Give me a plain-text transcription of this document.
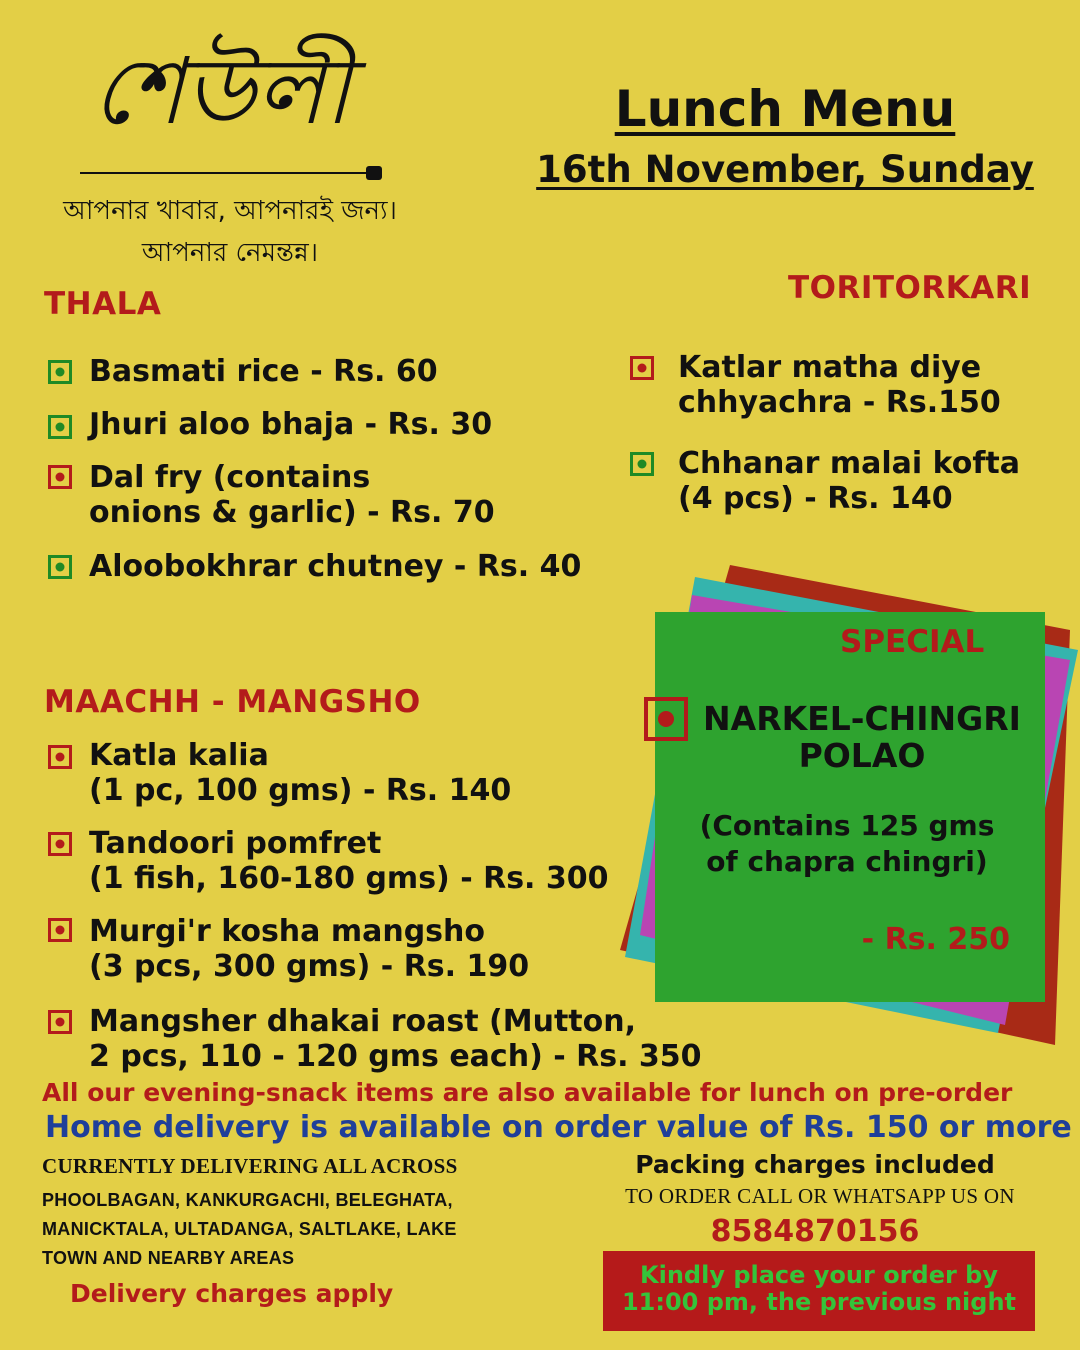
শেউলী
আপনার খাবার, আপনারই জন্য।
আপনার নেমন্তন্ন।
Lunch Menu
16th November, Sunday
THALA
Basmati rice - Rs. 60
Jhuri aloo bhaja - Rs. 30
Dal fry (contains
onions & garlic) - Rs. 70
Aloobokhrar chutney - Rs. 40
TORITORKARI
Katlar matha diye
chhyachra - Rs.150
Chhanar malai kofta
(4 pcs) - Rs. 140
SPECIAL
NARKEL-CHINGRI
POLAO
(Contains 125 gms
of chapra chingri)
- Rs. 250
MAACHH - MANGSHO
Katla kalia
(1 pc, 100 gms) - Rs. 140
Tandoori pomfret
(1 fish, 160-180 gms) - Rs. 300
Murgi'r kosha mangsho
(3 pcs, 300 gms) - Rs. 190
Mangsher dhakai roast (Mutton,
2 pcs, 110 - 120 gms each) - Rs. 350
All our evening-snack items are also available for lunch on pre-order
Home delivery is available on order value of Rs. 150 or more
CURRENTLY DELIVERING ALL ACROSS
PHOOLBAGAN, KANKURGACHI, BELEGHATA,
MANICKTALA, ULTADANGA, SALTLAKE, LAKE
TOWN AND NEARBY AREAS
Delivery charges apply
Packing charges included
TO ORDER CALL OR WHATSAPP US ON
8584870156
Kindly place your order by
11:00 pm, the previous night
